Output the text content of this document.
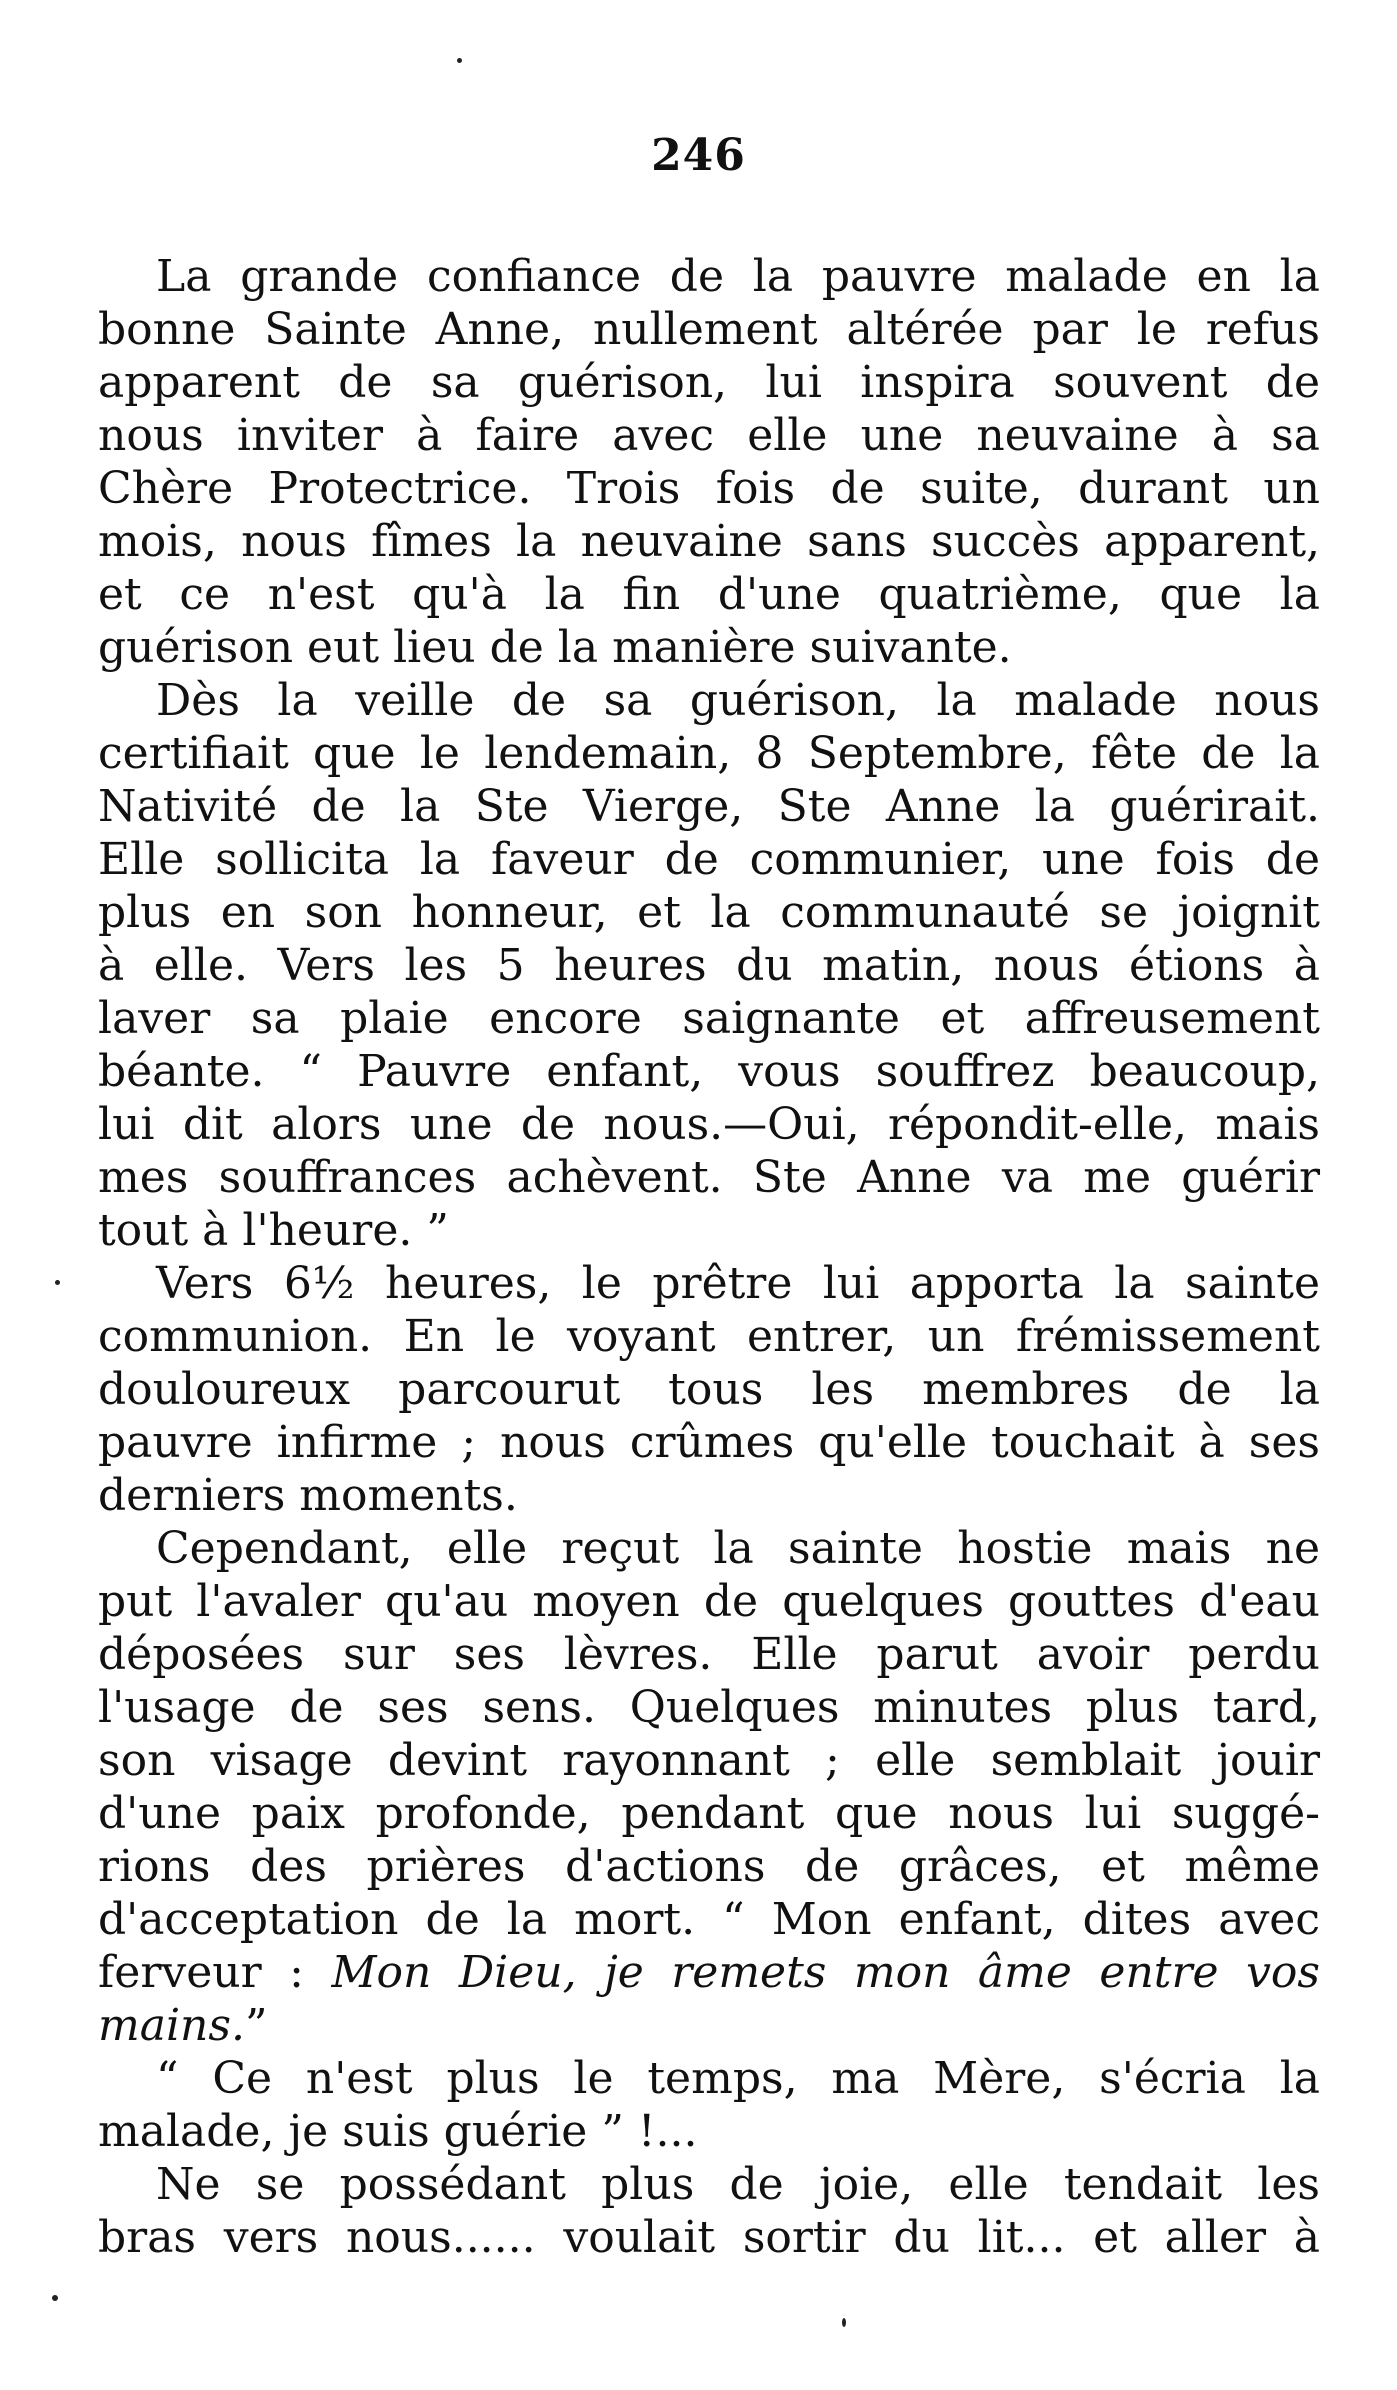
246
La grande confiance de la pauvre malade en la
bonne Sainte Anne, nullement altérée par le refus
apparent de sa guérison, lui inspira souvent de
nous inviter à faire avec elle une neuvaine à sa
Chère Protectrice. Trois fois de suite, durant un
mois, nous fîmes la neuvaine sans succès apparent,
et ce n'est qu'à la fin d'une quatrième, que la
guérison eut lieu de la manière suivante.
Dès la veille de sa guérison, la malade nous
certifiait que le lendemain, 8 Septembre, fête de la
Nativité de la Ste Vierge, Ste Anne la guérirait.
Elle sollicita la faveur de communier, une fois de
plus en son honneur, et la communauté se joignit
à elle. Vers les 5 heures du matin, nous étions à
laver sa plaie encore saignante et affreusement
béante. “ Pauvre enfant, vous souffrez beaucoup,
lui dit alors une de nous.—Oui, répondit-elle, mais
mes souffrances achèvent. Ste Anne va me guérir
tout à l'heure. ”
Vers 6½ heures, le prêtre lui apporta la sainte
communion. En le voyant entrer, un frémissement
douloureux parcourut tous les membres de la
pauvre infirme ; nous crûmes qu'elle touchait à ses
derniers moments.
Cependant, elle reçut la sainte hostie mais ne
put l'avaler qu'au moyen de quelques gouttes d'eau
déposées sur ses lèvres. Elle parut avoir perdu
l'usage de ses sens. Quelques minutes plus tard,
son visage devint rayonnant ; elle semblait jouir
d'une paix profonde, pendant que nous lui suggé-
rions des prières d'actions de grâces, et même
d'acceptation de la mort. “ Mon enfant, dites avec
ferveur : Mon Dieu, je remets mon âme entre vos
mains.”
“ Ce n'est plus le temps, ma Mère, s'écria la
malade, je suis guérie ” !...
Ne se possédant plus de joie, elle tendait les
bras vers nous...... voulait sortir du lit... et aller à
